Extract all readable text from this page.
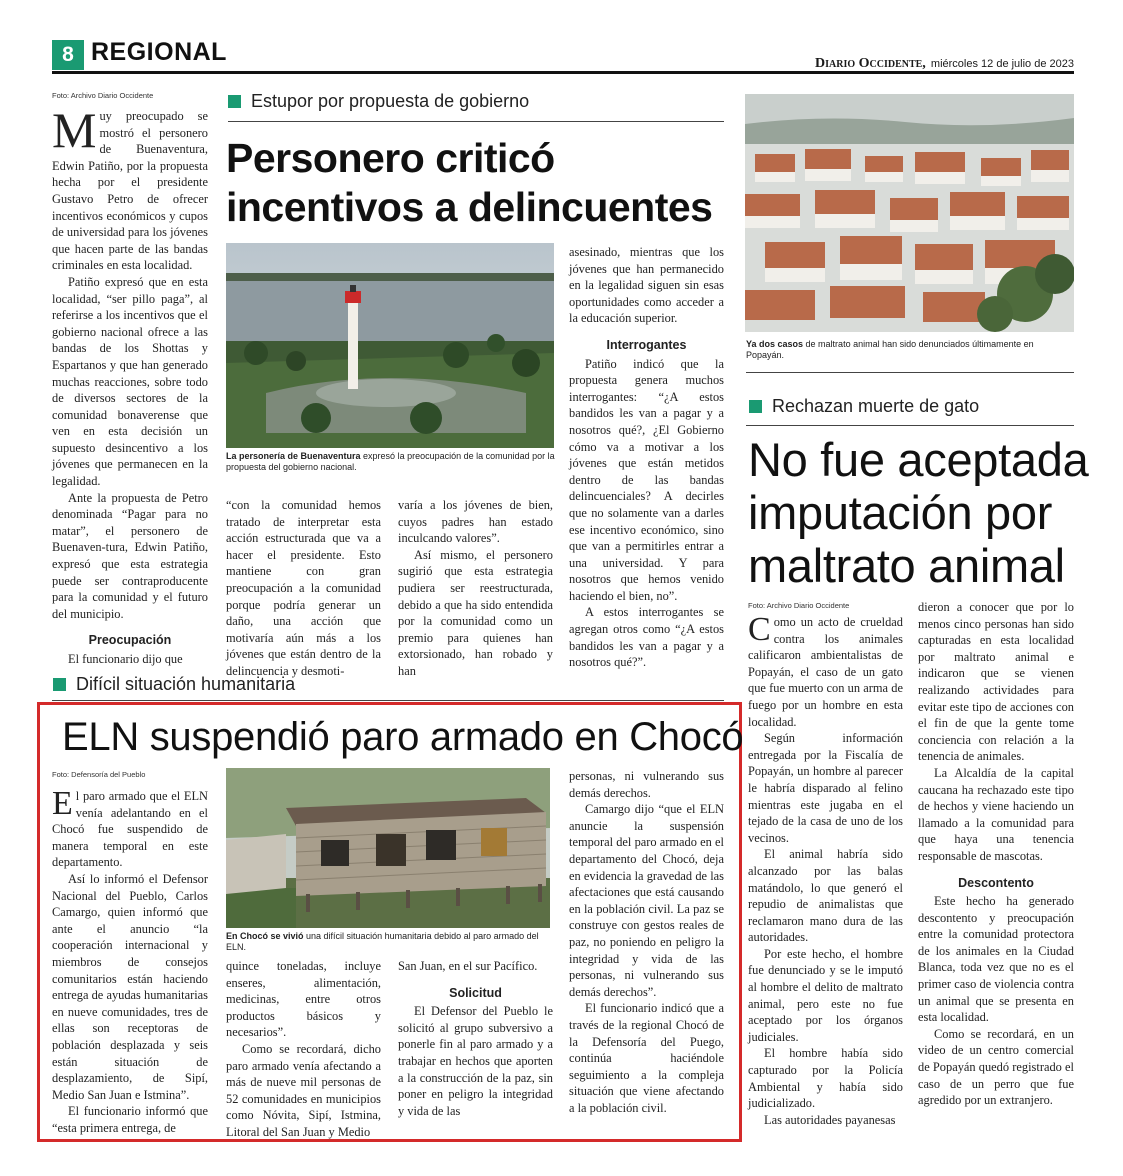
8 REGIONAL	Diario Occidente, miércoles 12 de julio de 2023
Foto: Archivo Diario Occidente	Estupor por propuesta de gobierno
Personero criticó
incentivos a delincuentes
La personería de Buenaventura expresó la preocupación de la comunidad por la propuesta del gobierno nacional.

Muy preocupado se mostró el personero de Buenaventura, Edwin Patiño, por la propuesta hecha por el presidente Gustavo Petro de ofrecer incentivos económicos y cupos de universidad para los jóvenes que hacen parte de las bandas criminales en esta localidad.

Patiño expresó que en esta localidad, “ser pillo paga”, al referirse a los incentivos que el gobierno nacional ofrece a las bandas de los Shottas y Espartanos y que han generado muchas reacciones, sobre todo de diversos sectores de la comunidad bonaverense que ven en esta decisión un supuesto desincentivo a los jóvenes que permanecen en la legalidad.

Ante la propuesta de Petro denominada “Pagar para no matar”, el personero de Buenaven-tura, Edwin Patiño, expresó que esta estrategia puede ser contraproducente para la comunidad y el futuro del municipio.

Preocupación

El funcionario dijo que

“con la comunidad hemos tratado de interpretar esta acción estructurada que va a hacer el presidente. Esto mantiene con gran preocupación a la comunidad porque podría generar un daño, una acción que motivaría aún más a los jóvenes que están dentro de la delincuencia y desmoti-

varía a los jóvenes de bien, cuyos padres han estado inculcando valores”.

Así mismo, el personero sugirió que esta estrategia pudiera ser reestructurada, debido a que ha sido entendida por la comunidad como un premio para quienes han extorsionado, han robado y han

asesinado, mientras que los jóvenes que han permanecido en la legalidad siguen sin esas oportunidades como acceder a la educación superior.

Interrogantes

Patiño indicó que la propuesta genera muchos interrogantes: “¿A estos bandidos les van a pagar y a nosotros qué?, ¿El Gobierno cómo va a motivar a los jóvenes que están metidos dentro de las bandas delincuenciales? A decirles que no solamente van a darles ese incentivo económico, sino que van a permitirles entrar a una universidad. Y para nosotros que hemos venido haciendo el bien, no”.

A estos interrogantes se agregan otros como “¿A estos bandidos les van a pagar y a nosotros qué?”.

Ya dos casos de maltrato animal han sido denunciados últimamente en Popayán.
Rechazan muerte de gato
No fue aceptada
imputación por
maltrato animal
Foto: Archivo Diario Occidente

Como un acto de crueldad contra los animales calificaron ambientalistas de Popayán, el caso de un gato que fue muerto con un arma de fuego por un hombre en esta localidad.

Según información entregada por la Fiscalía de Popayán, un hombre al parecer le habría disparado al felino mientras este jugaba en el tejado de la casa de uno de los vecinos.

El animal habría sido alcanzado por las balas matándolo, lo que generó el repudio de animalistas que reclamaron mano dura de las autoridades.

Por este hecho, el hombre fue denunciado y se le imputó al hombre el delito de maltrato animal, pero este no fue aceptado por los órganos judiciales.

El hombre había sido capturado por la Policía Ambiental y había sido judicializado.

Las autoridades payanesas

dieron a conocer que por lo menos cinco personas han sido capturadas en esta localidad por maltrato animal e indicaron que se vienen realizando actividades para evitar este tipo de acciones con el fin de que la gente tome conciencia con relación a la tenencia de animales.

La Alcaldía de la capital caucana ha rechazado este tipo de hechos y viene haciendo un llamado a la comunidad para que haya una tenencia responsable de mascotas.

Descontento

Este hecho ha generado descontento y preocupación entre la comunidad protectora de los animales en la Ciudad Blanca, toda vez que no es el primer caso de violencia contra un animal que se presenta en esta localidad.

Como se recordará, en un video de un centro comercial de Popayán quedó registrado el caso de un perro que fue agredido por un extranjero.

Difícil situación humanitaria
ELN suspendió paro armado en Chocó
Foto: Defensoría del Pueblo
En Chocó se vivió una difícil situación humanitaria debido al paro armado del ELN.

El paro armado que el ELN venía adelantando en el Chocó fue suspendido de manera temporal en este departamento.

Así lo informó el Defensor Nacional del Pueblo, Carlos Camargo, quien informó que ante el anuncio “la cooperación internacional y miembros de consejos comunitarios están haciendo entrega de ayudas humanitarias en nueve comunidades, tres de ellas son receptoras de población desplazada y seis están situación de desplazamiento, de Sipí, Medio San Juan e Istmina”.

El funcionario informó que “esta primera entrega, de

quince toneladas, incluye enseres, alimentación, medicinas, entre otros productos básicos y necesarios”.

Como se recordará, dicho paro armado venía afectando a más de nueve mil personas de 52 comunidades en municipios como Nóvita, Sipí, Istmina, Litoral del San Juan y Medio

San Juan, en el sur Pacífico.

Solicitud

El Defensor del Pueblo le solicitó al grupo subversivo a ponerle fin al paro armado y a trabajar en hechos que aporten a la construcción de la paz, sin poner en peligro la integridad y vida de las

personas, ni vulnerando sus demás derechos.

Camargo dijo “que el ELN anuncie la suspensión temporal del paro armado en el departamento del Chocó, deja en evidencia la gravedad de las afectaciones que está causando en la población civil. La paz se construye con gestos reales de paz, no poniendo en peligro la integridad y vida de las personas, ni vulnerando sus demás derechos”.

El funcionario indicó que a través de la regional Chocó de la Defensoría del Puego, continúa haciéndole seguimiento a la compleja situación que viene afectando a la población civil.
